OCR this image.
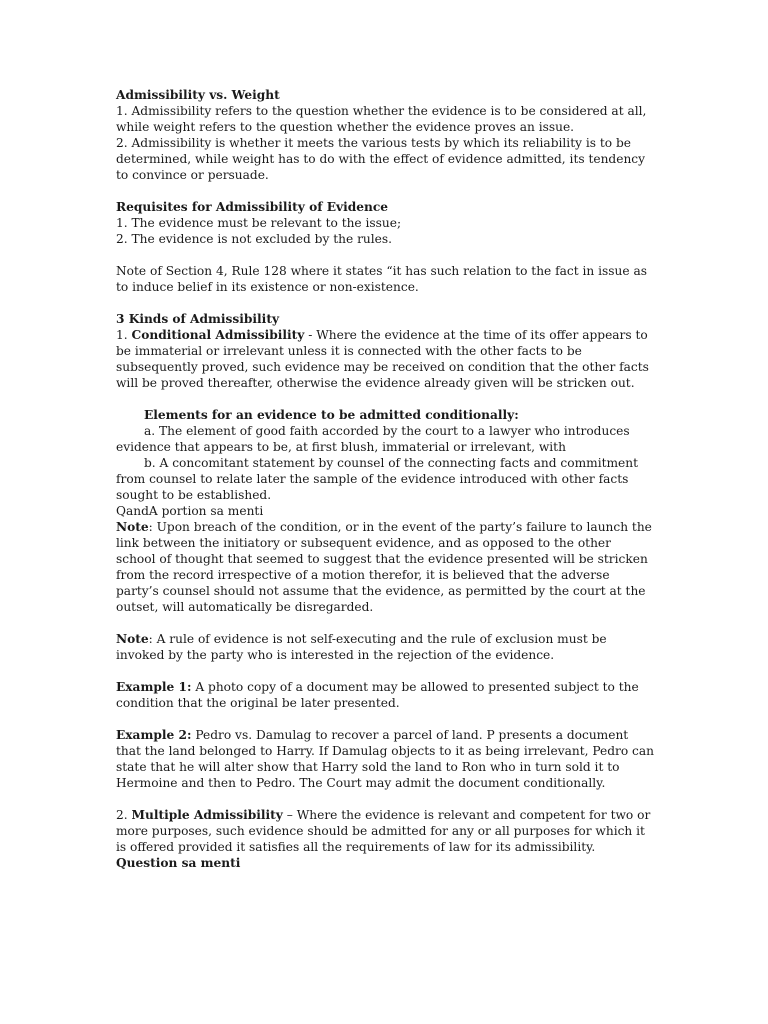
Admissibility vs. Weight

1. Admissibility refers to the question whether the evidence is to be considered at all, while weight refers to the question whether the evidence proves an issue.

2. Admissibility is whether it meets the various tests by which its reliability is to be determined, while weight has to do with the effect of evidence admitted, its tendency to convince or persuade.

Requisites for Admissibility of Evidence

1. The evidence must be relevant to the issue;

2. The evidence is not excluded by the rules.

Note of Section 4, Rule 128 where it states “it has such relation to the fact in issue as to induce belief in its existence or non-existence.

3 Kinds of Admissibility

1. Conditional Admissibility - Where the evidence at the time of its offer appears to be immaterial or irrelevant unless it is connected with the other facts to be subsequently proved, such evidence may be received on condition that the other facts will be proved thereafter, otherwise the evidence already given will be stricken out.

Elements for an evidence to be admitted conditionally:

a. The element of good faith accorded by the court to a lawyer who introduces evidence that appears to be, at first blush, immaterial or irrelevant, with

b. A concomitant statement by counsel of the connecting facts and commitment from counsel to relate later the sample of the evidence introduced with other facts sought to be established.

QandA portion sa menti

Note: Upon breach of the condition, or in the event of the party’s failure to launch the link between the initiatory or subsequent evidence, and as opposed to the other school of thought that seemed to suggest that the evidence presented will be stricken from the record irrespective of a motion therefor, it is believed that the adverse party’s counsel should not assume that the evidence, as permitted by the court at the outset, will automatically be disregarded.

Note: A rule of evidence is not self-executing and the rule of exclusion must be invoked by the party who is interested in the rejection of the evidence.

Example 1: A photo copy of a document may be allowed to presented subject to the condition that the original be later presented.

Example 2: Pedro vs. Damulag to recover a parcel of land. P presents a document that the land belonged to Harry. If Damulag objects to it as being irrelevant, Pedro can state that he will alter show that Harry sold the land to Ron who in turn sold it to Hermoine and then to Pedro. The Court may admit the document conditionally.

2. Multiple Admissibility – Where the evidence is relevant and competent for two or more purposes, such evidence should be admitted for any or all purposes for which it is offered provided it satisfies all the requirements of law for its admissibility.

Question sa menti
